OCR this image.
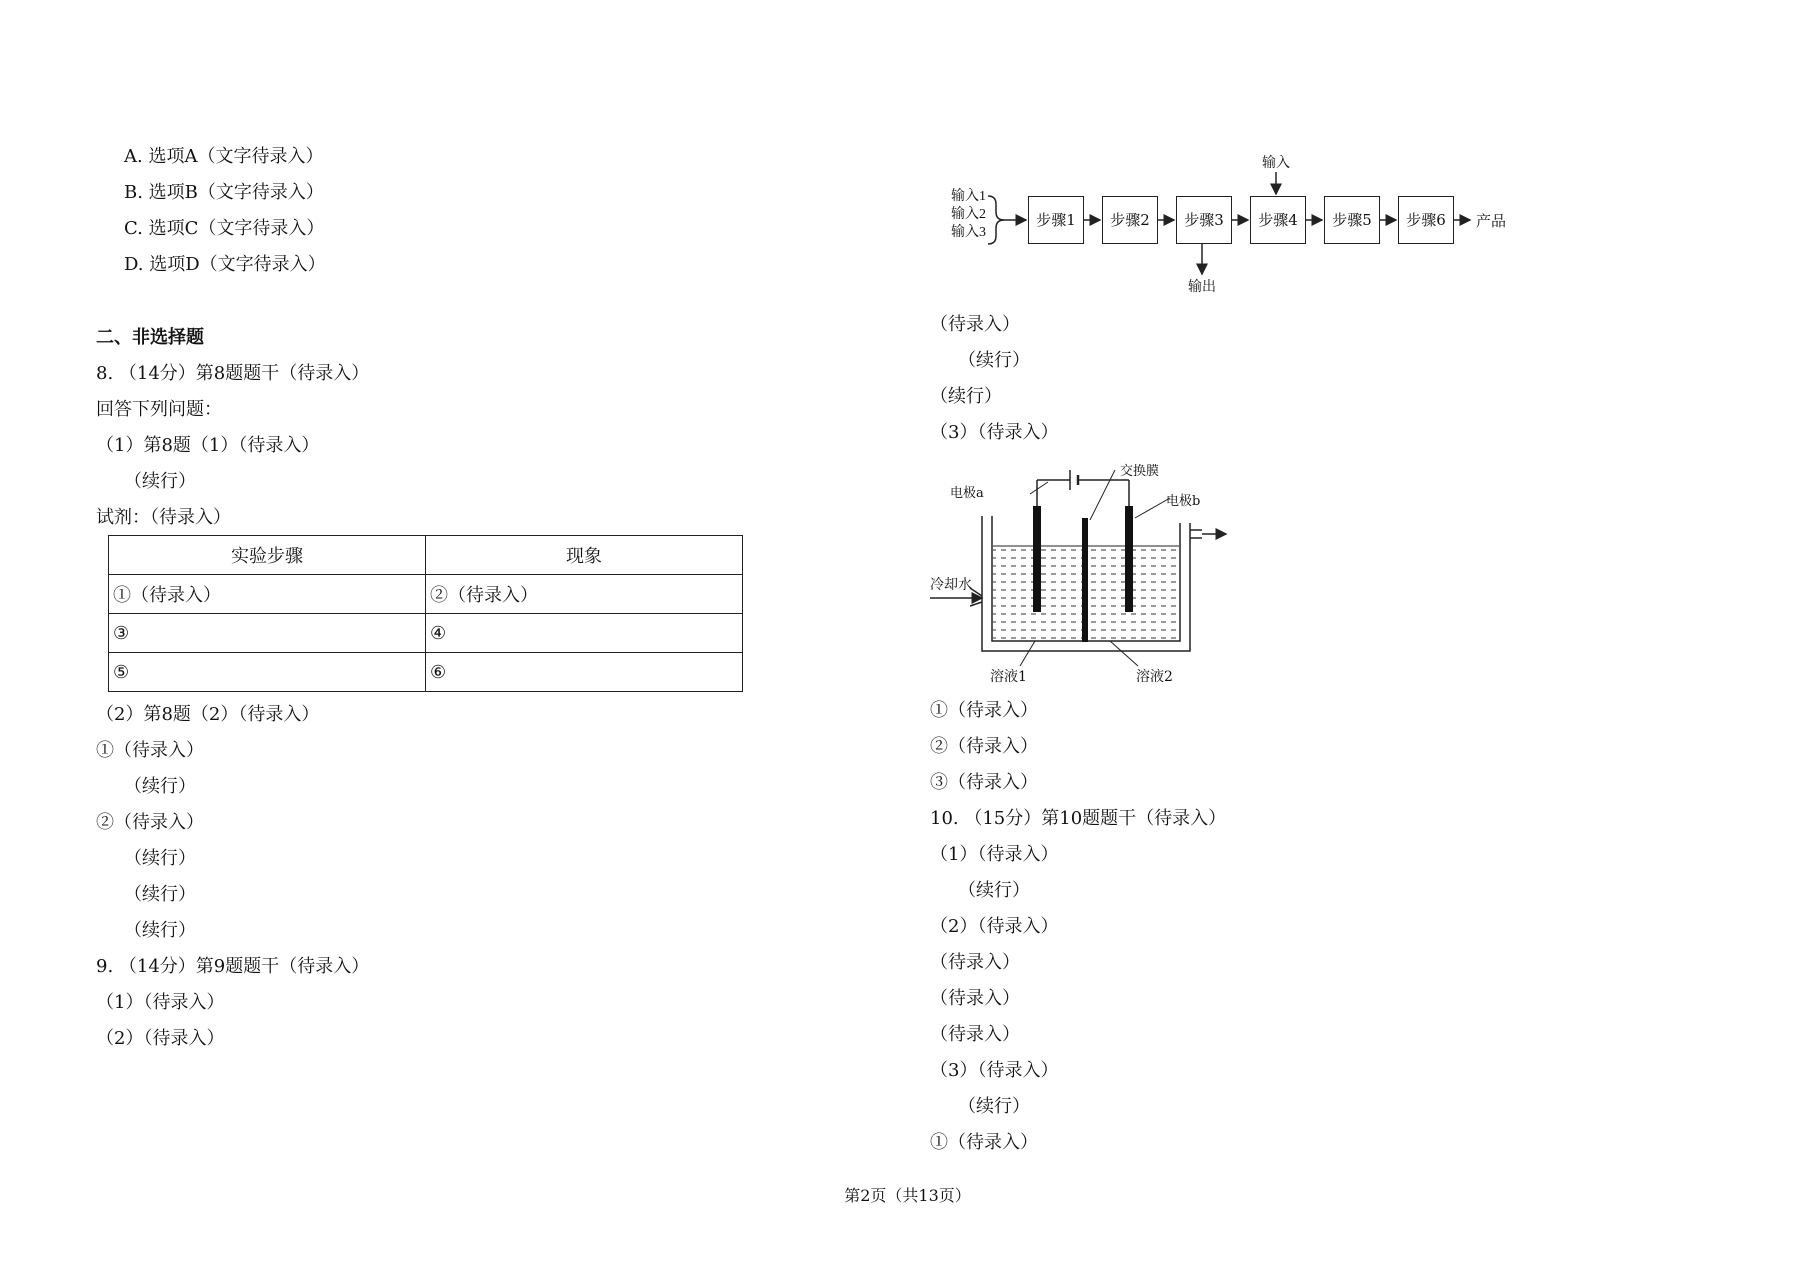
A. 选项A（文字待录入）
B. 选项B（文字待录入）
C. 选项C（文字待录入）
D. 选项D（文字待录入）
二、非选择题
8. （14分）第8题题干（待录入）
回答下列问题：
（1）第8题（1）（待录入）
（续行）
试剂：（待录入）
实验步骤	现象
①（待录入）	②（待录入）
③	④
⑤	⑥
（2）第8题（2）（待录入）
①（待录入）
（续行）
②（待录入）
（续行）
（续行）
（续行）
9. （14分）第9题题干（待录入）
（1）（待录入）
（2）（待录入）
输入1
输入2
输入3
输入
步骤1	步骤2	步骤3	步骤4	步骤5	步骤6	产品
输出
（待录入）
（续行）
（续行）
（3）（待录入）
电极a
交换膜
电极b
冷却水
溶液1	溶液2
①（待录入）
②（待录入）
③（待录入）
10. （15分）第10题题干（待录入）
（1）（待录入）
（续行）
（2）（待录入）
（待录入）
（待录入）
（待录入）
（3）（待录入）
（续行）
①（待录入）
第2页（共13页）
